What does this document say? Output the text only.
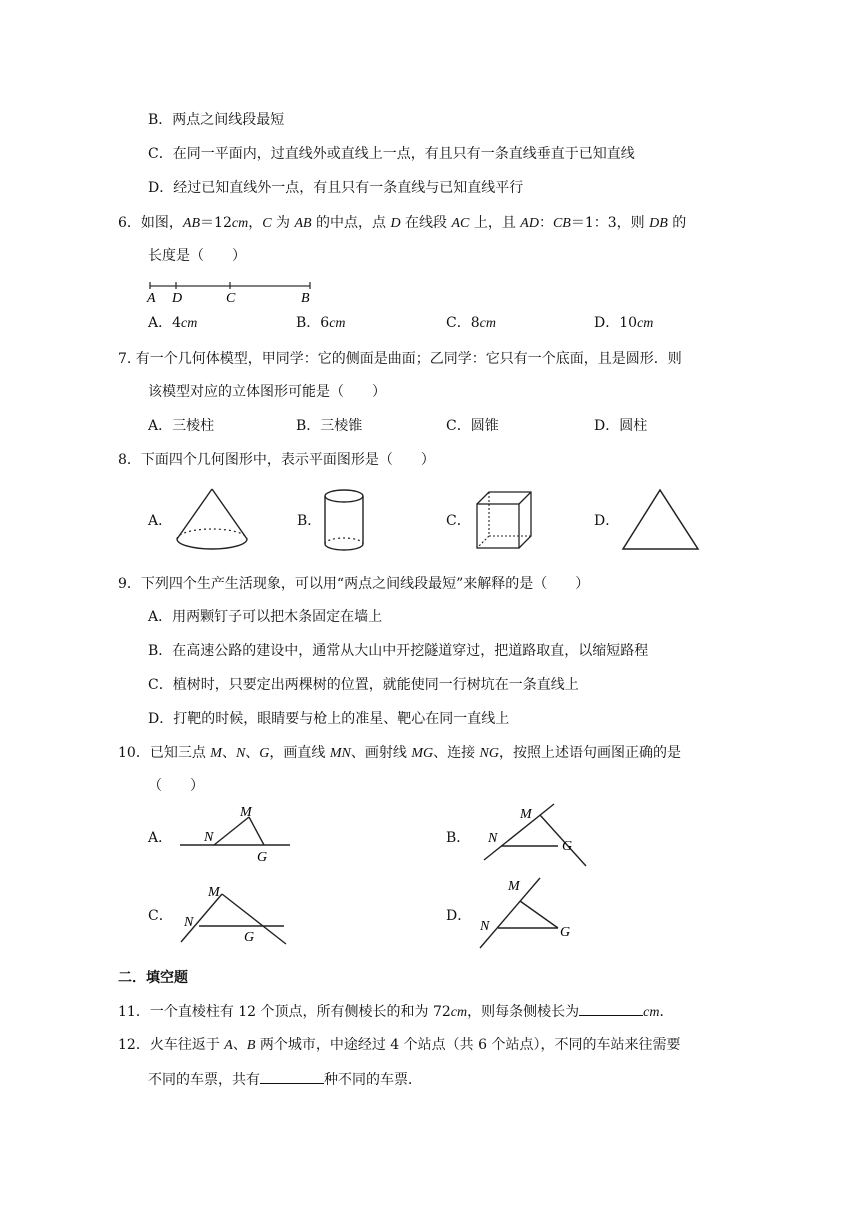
B．两点之间线段最短
C．在同一平面内，过直线外或直线上一点，有且只有一条直线垂直于已知直线
D．经过已知直线外一点，有且只有一条直线与已知直线平行
6．如图，AB＝12cm，C 为 AB 的中点，点 D 在线段 AC 上，且 AD：CB＝1：3，则 DB 的
长度是（　　）
A D	C	B
A．4cm	B．6cm	C．8cm	D．10cm
7. 有一个几何体模型，甲同学：它的侧面是曲面；乙同学：它只有一个底面，且是圆形．则
该模型对应的立体图形可能是（　　）
A．三棱柱	B．三棱锥	C．圆锥	D．圆柱
8．下面四个几何图形中，表示平面图形是（　　）
A．	B．	C．	D．
9．下列四个生产生活现象，可以用“两点之间线段最短”来解释的是（　　）
A．用两颗钉子可以把木条固定在墙上
B．在高速公路的建设中，通常从大山中开挖隧道穿过，把道路取直，以缩短路程
C．植树时，只要定出两棵树的位置，就能使同一行树坑在一条直线上
D．打靶的时候，眼睛要与枪上的准星、靶心在同一直线上
10．已知三点 M、N、G，画直线 MN、画射线 MG、连接 NG，按照上述语句画图正确的是
（　　）
A．
M
N
G
B．
M
N
G
C．
M
N
G
D．
M
N	G
二．填空题
11．一个直棱柱有 12 个顶点，所有侧棱长的和为 72cm，则每条侧棱长为	cm．
12．火车往返于 A、B 两个城市，中途经过 4 个站点（共 6 个站点），不同的车站来往需要
不同的车票，共有	种不同的车票．
